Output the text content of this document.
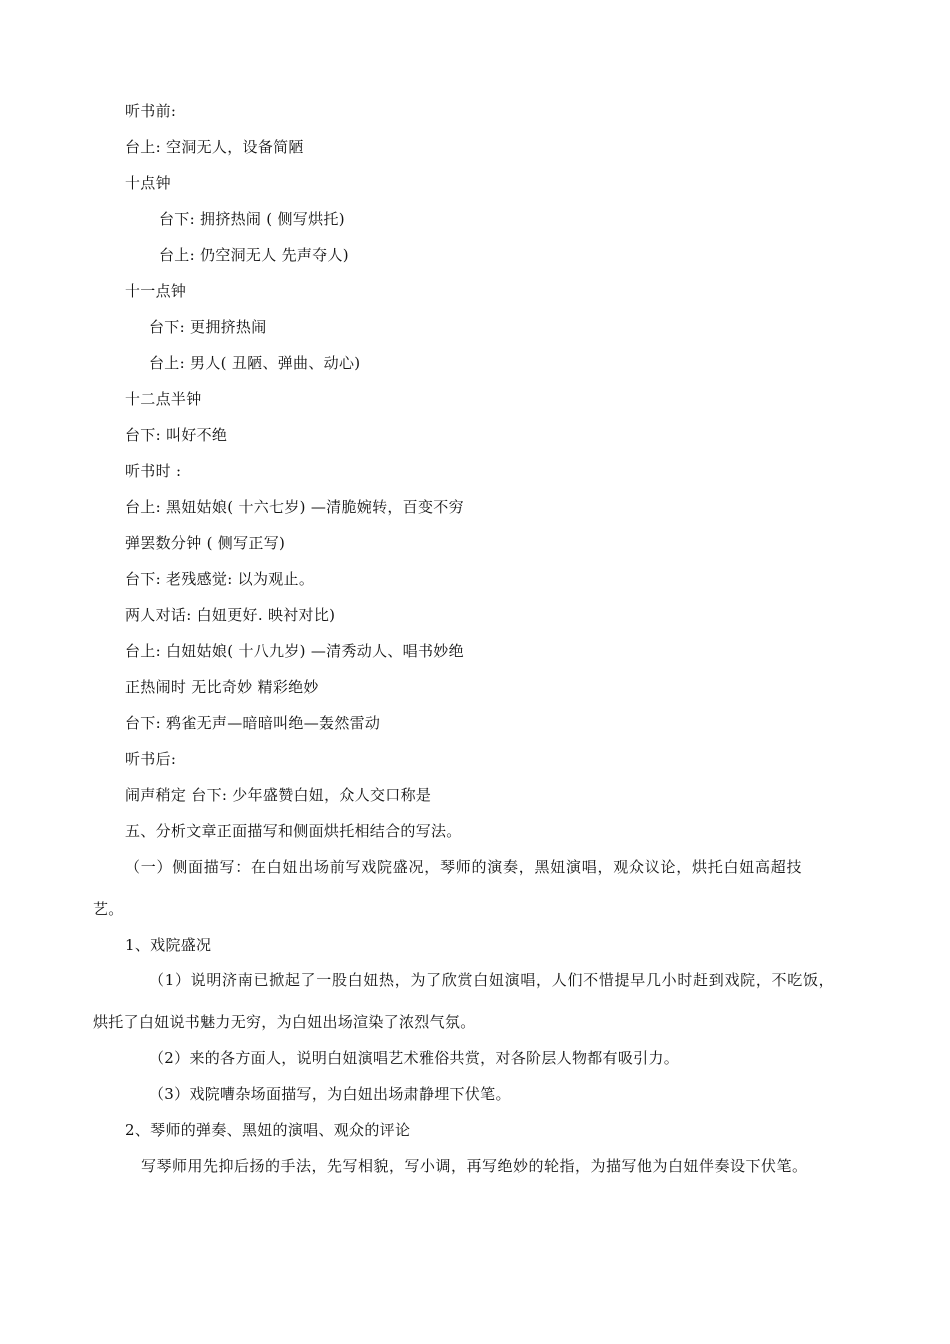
听书前:
台上: 空洞无人，设备简陋
十点钟
台下: 拥挤热闹 ( 侧写烘托)
台上: 仍空洞无人 先声夺人)
十一点钟
台下: 更拥挤热闹
台上: 男人( 丑陋、弹曲、动心)
十二点半钟
台下: 叫好不绝
听书时 :
台上: 黑妞姑娘( 十六七岁) —清脆婉转，百变不穷
弹罢数分钟 ( 侧写正写)
台下: 老残感觉: 以为观止。
两人对话: 白妞更好. 映衬对比)
台上: 白妞姑娘( 十八九岁) —清秀动人、唱书妙绝
正热闹时 无比奇妙 精彩绝妙
台下: 鸦雀无声—暗暗叫绝—轰然雷动
听书后:
闹声稍定 台下: 少年盛赞白妞，众人交口称是
五、分析文章正面描写和侧面烘托相结合的写法。
（一）侧面描写：在白妞出场前写戏院盛况，琴师的演奏，黑妞演唱，观众议论，烘托白妞高超技
艺。
1、戏院盛况
（1）说明济南已掀起了一股白妞热，为了欣赏白妞演唱，人们不惜提早几小时赶到戏院，不吃饭，
烘托了白妞说书魅力无穷，为白妞出场渲染了浓烈气氛。
（2）来的各方面人，说明白妞演唱艺术雅俗共赏，对各阶层人物都有吸引力。
（3）戏院嘈杂场面描写，为白妞出场肃静埋下伏笔。
2、琴师的弹奏、黑妞的演唱、观众的评论
写琴师用先抑后扬的手法，先写相貌，写小调，再写绝妙的轮指，为描写他为白妞伴奏设下伏笔。
